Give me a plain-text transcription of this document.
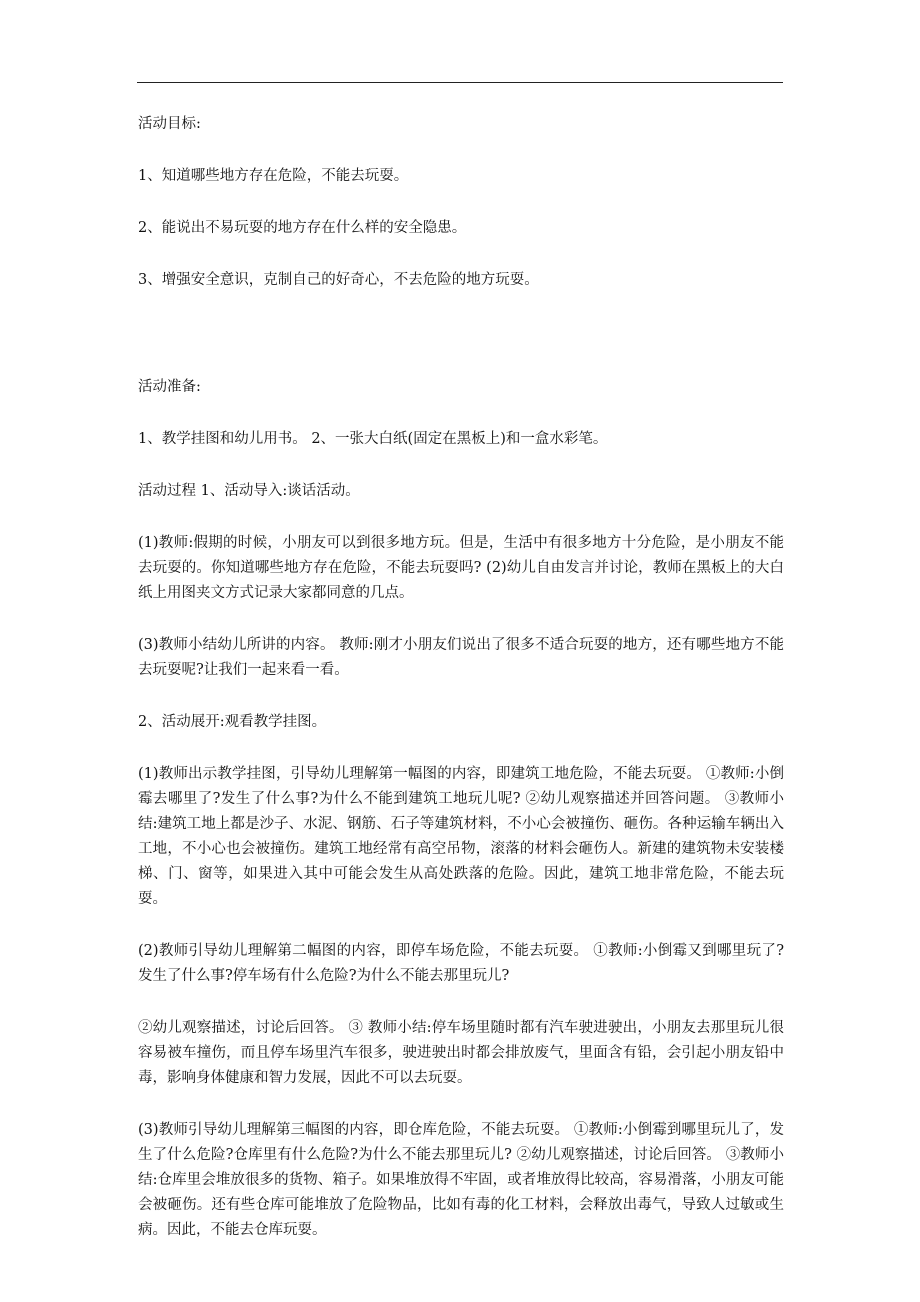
活动目标:

1、知道哪些地方存在危险，不能去玩耍。

2、能说出不易玩耍的地方存在什么样的安全隐患。

3、增强安全意识，克制自己的好奇心，不去危险的地方玩耍。

活动准备:

1、教学挂图和幼儿用书。 2、一张大白纸(固定在黑板上)和一盒水彩笔。

活动过程 1、活动导入:谈话活动。

(1)教师:假期的时候，小朋友可以到很多地方玩。但是，生活中有很多地方十分危险，是小朋友不能去玩耍的。你知道哪些地方存在危险，不能去玩耍吗? (2)幼儿自由发言并讨论，教师在黑板上的大白纸上用图夹文方式记录大家都同意的几点。

(3)教师小结幼儿所讲的内容。 教师:刚才小朋友们说出了很多不适合玩耍的地方，还有哪些地方不能去玩耍呢?让我们一起来看一看。

2、活动展开:观看教学挂图。

(1)教师出示教学挂图，引导幼儿理解第一幅图的内容，即建筑工地危险，不能去玩耍。 ①教师:小倒霉去哪里了?发生了什么事?为什么不能到建筑工地玩儿呢? ②幼儿观察描述并回答问题。 ③教师小结:建筑工地上都是沙子、水泥、钢筋、石子等建筑材料，不小心会被撞伤、砸伤。各种运输车辆出入工地，不小心也会被撞伤。建筑工地经常有高空吊物，滚落的材料会砸伤人。新建的建筑物未安装楼梯、门、窗等，如果进入其中可能会发生从高处跌落的危险。因此，建筑工地非常危险，不能去玩耍。

(2)教师引导幼儿理解第二幅图的内容，即停车场危险，不能去玩耍。 ①教师:小倒霉又到哪里玩了?发生了什么事?停车场有什么危险?为什么不能去那里玩儿?

②幼儿观察描述，讨论后回答。 ③ 教师小结:停车场里随时都有汽车驶进驶出，小朋友去那里玩儿很容易被车撞伤，而且停车场里汽车很多，驶进驶出时都会排放废气，里面含有铅，会引起小朋友铅中毒，影响身体健康和智力发展，因此不可以去玩耍。

(3)教师引导幼儿理解第三幅图的内容，即仓库危险，不能去玩耍。 ①教师:小倒霉到哪里玩儿了，发生了什么危险?仓库里有什么危险?为什么不能去那里玩儿? ②幼儿观察描述，讨论后回答。 ③教师小结:仓库里会堆放很多的货物、箱子。如果堆放得不牢固，或者堆放得比较高，容易滑落，小朋友可能会被砸伤。还有些仓库可能堆放了危险物品，比如有毒的化工材料，会释放出毒气，导致人过敏或生病。因此，不能去仓库玩耍。
